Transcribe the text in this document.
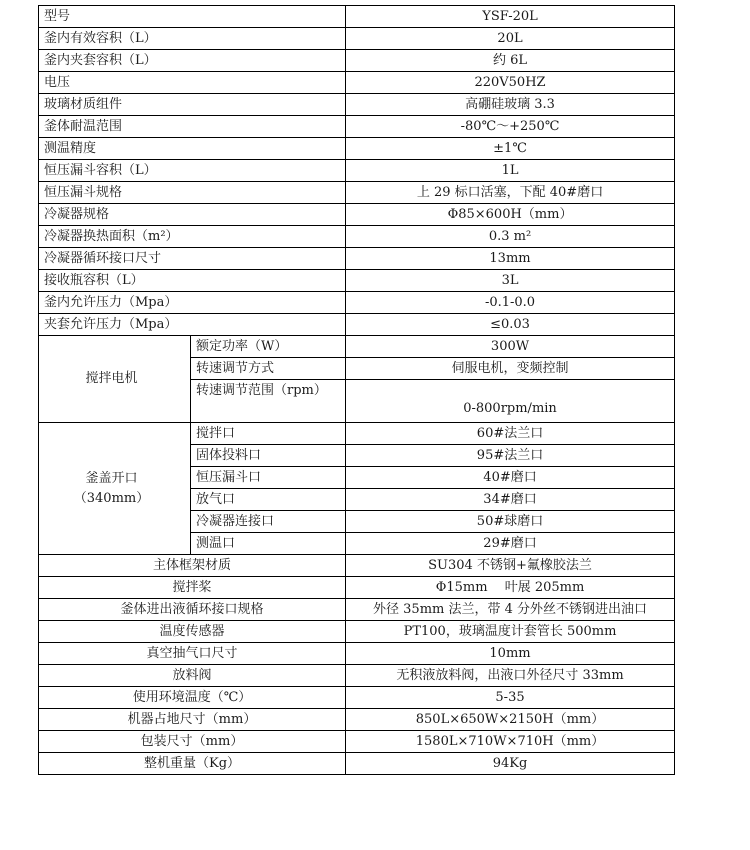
型号		YSF-20L
釜内有效容积（L）		20L
釜内夹套容积（L）		约 6L
电压		220V50HZ
玻璃材质组件		高硼硅玻璃 3.3
釜体耐温范围		-80℃～+250℃
测温精度		±1℃
恒压漏斗容积（L）		1L
恒压漏斗规格		上 29 标口活塞，下配 40#磨口
冷凝器规格		Φ85×600H（mm）
冷凝器换热面积（m²）		0.3 m²
冷凝器循环接口尺寸		13mm
接收瓶容积（L）		3L
釜内允许压力（Mpa）		-0.1-0.0
夹套允许压力（Mpa）		≤0.03

搅拌电机	额定功率（W）	300W
	转速调节方式	伺服电机，变频控制
	转速调节范围（rpm）	0-800rpm/min

釜盖开口
（340mm）	搅拌口	60#法兰口
	固体投料口	95#法兰口
	恒压漏斗口	40#磨口
	放气口	34#磨口
	冷凝器连接口	50#球磨口
	测温口	29#磨口
主体框架材质		SU304 不锈钢+氟橡胶法兰
搅拌桨		Φ15mm　 叶展 205mm
釜体进出液循环接口规格		外径 35mm 法兰，带 4 分外丝不锈钢进出油口
温度传感器		PT100，玻璃温度计套管长 500mm
真空抽气口尺寸		10mm
放料阀		无积液放料阀，出液口外径尺寸 33mm
使用环境温度（℃）		5-35
机器占地尺寸（mm）		850L×650W×2150H（mm）
包装尺寸（mm）		1580L×710W×710H（mm）
整机重量（Kg）		94Kg
